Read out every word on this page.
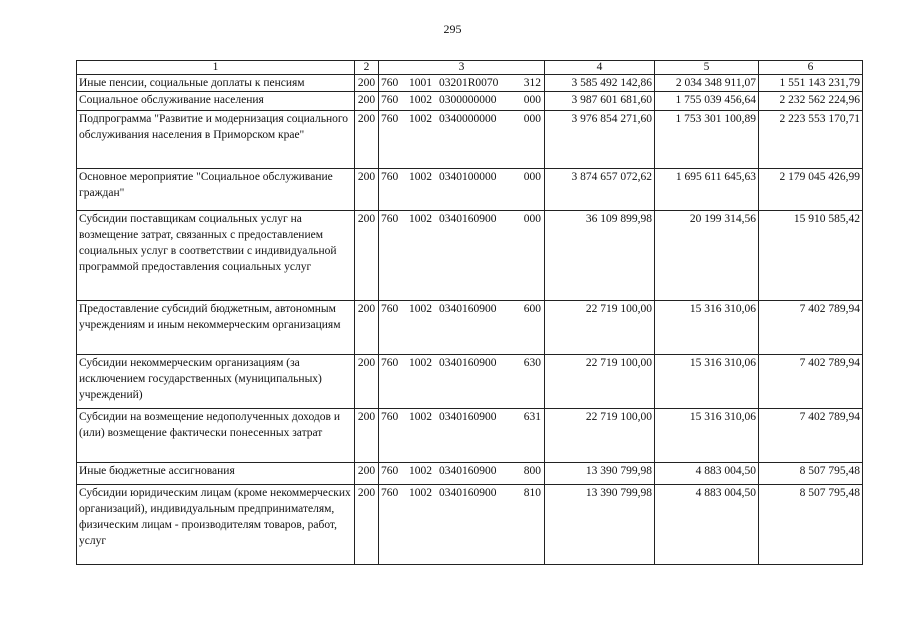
295
1	2	3	4	5	6
Иные пенсии, социальные доплаты к пенсиям	200	760 1001 03201R0070 312	3 585 492 142,86	2 034 348 911,07	1 551 143 231,79
Социальное обслуживание населения	200	760 1002 0300000000 000	3 987 601 681,60	1 755 039 456,64	2 232 562 224,96
Подпрограмма "Развитие и модернизация социального обслуживания населения в Приморском крае"	200	760 1002 0340000000 000	3 976 854 271,60	1 753 301 100,89	2 223 553 170,71
Основное мероприятие "Социальное обслуживание граждан"	200	760 1002 0340100000 000	3 874 657 072,62	1 695 611 645,63	2 179 045 426,99
Субсидии поставщикам социальных услуг на возмещение затрат, связанных с предоставлением социальных услуг в соответствии с индивидуальной программой предоставления социальных услуг	200	760 1002 0340160900 000	36 109 899,98	20 199 314,56	15 910 585,42
Предоставление субсидий бюджетным, автономным учреждениям и иным некоммерческим организациям	200	760 1002 0340160900 600	22 719 100,00	15 316 310,06	7 402 789,94
Субсидии некоммерческим организациям (за исключением государственных (муниципальных) учреждений)	200	760 1002 0340160900 630	22 719 100,00	15 316 310,06	7 402 789,94
Субсидии на возмещение недополученных доходов и (или) возмещение фактически понесенных затрат	200	760 1002 0340160900 631	22 719 100,00	15 316 310,06	7 402 789,94
Иные бюджетные ассигнования	200	760 1002 0340160900 800	13 390 799,98	4 883 004,50	8 507 795,48
Субсидии юридическим лицам (кроме некоммерческих организаций), индивидуальным предпринимателям, физическим лицам - производителям товаров, работ, услуг	200	760 1002 0340160900 810	13 390 799,98	4 883 004,50	8 507 795,48
